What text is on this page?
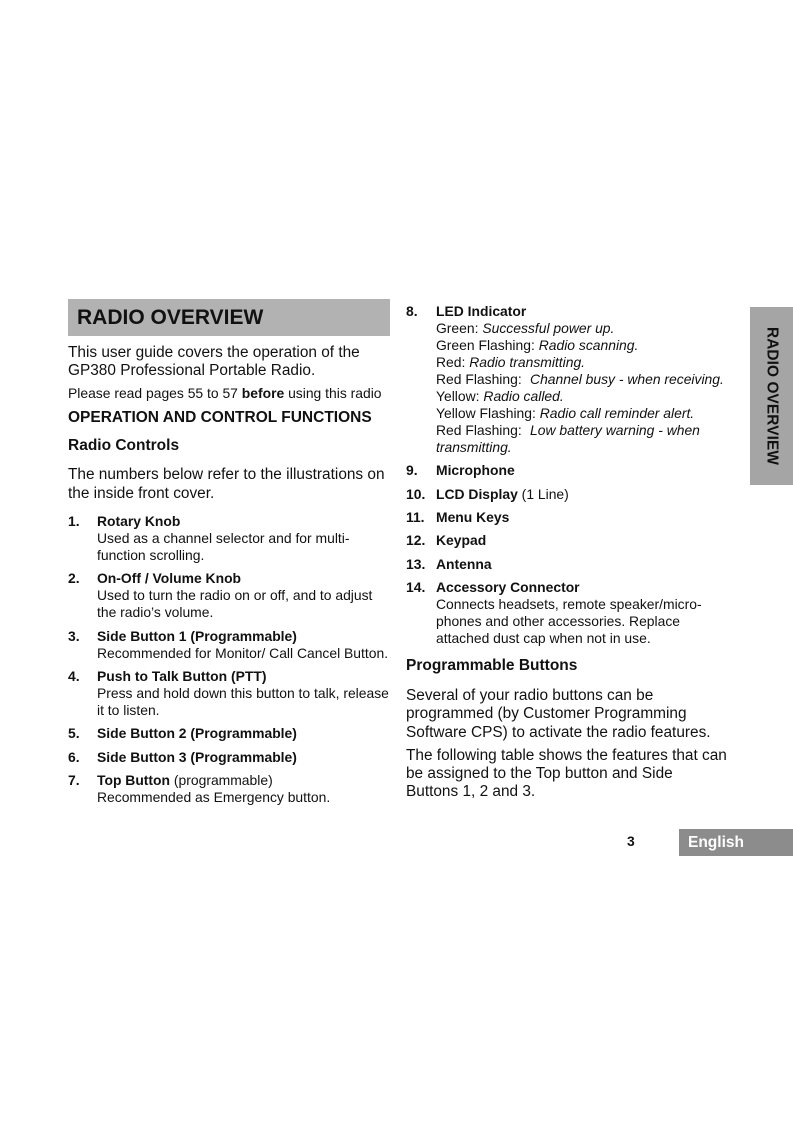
RADIO OVERVIEW
This user guide covers the operation of the
GP380 Professional Portable Radio.
Please read pages 55 to 57 before using this radio
OPERATION AND CONTROL FUNCTIONS
Radio Controls
The numbers below refer to the illustrations on
the inside front cover.
1.	Rotary Knob
Used as a channel selector and for multi-
function scrolling.
2.	On-Off / Volume Knob
Used to turn the radio on or off, and to adjust
the radio’s volume.
3.	Side Button 1 (Programmable)
Recommended for Monitor/ Call Cancel Button.
4.	Push to Talk Button (PTT)
Press and hold down this button to talk, release
it to listen.
5.	Side Button 2 (Programmable)
6.	Side Button 3 (Programmable)
7.	Top Button (programmable)
Recommended as Emergency button.
8.	LED Indicator
Green: Successful power up.
Green Flashing: Radio scanning.
Red: Radio transmitting.
Red Flashing: Channel busy - when receiving.
Yellow: Radio called.
Yellow Flashing: Radio call reminder alert.
Red Flashing: Low battery warning - when
transmitting.
9.	Microphone
10. LCD Display (1 Line)
11. Menu Keys
12. Keypad
13. Antenna
14. Accessory Connector
Connects headsets, remote speaker/micro-
phones and other accessories. Replace
attached dust cap when not in use.
Programmable Buttons
Several of your radio buttons can be
programmed (by Customer Programming
Software CPS) to activate the radio features.
The following table shows the features that can
be assigned to the Top button and Side
Buttons 1, 2 and 3.
RADIO OVERVIEW
3	English
